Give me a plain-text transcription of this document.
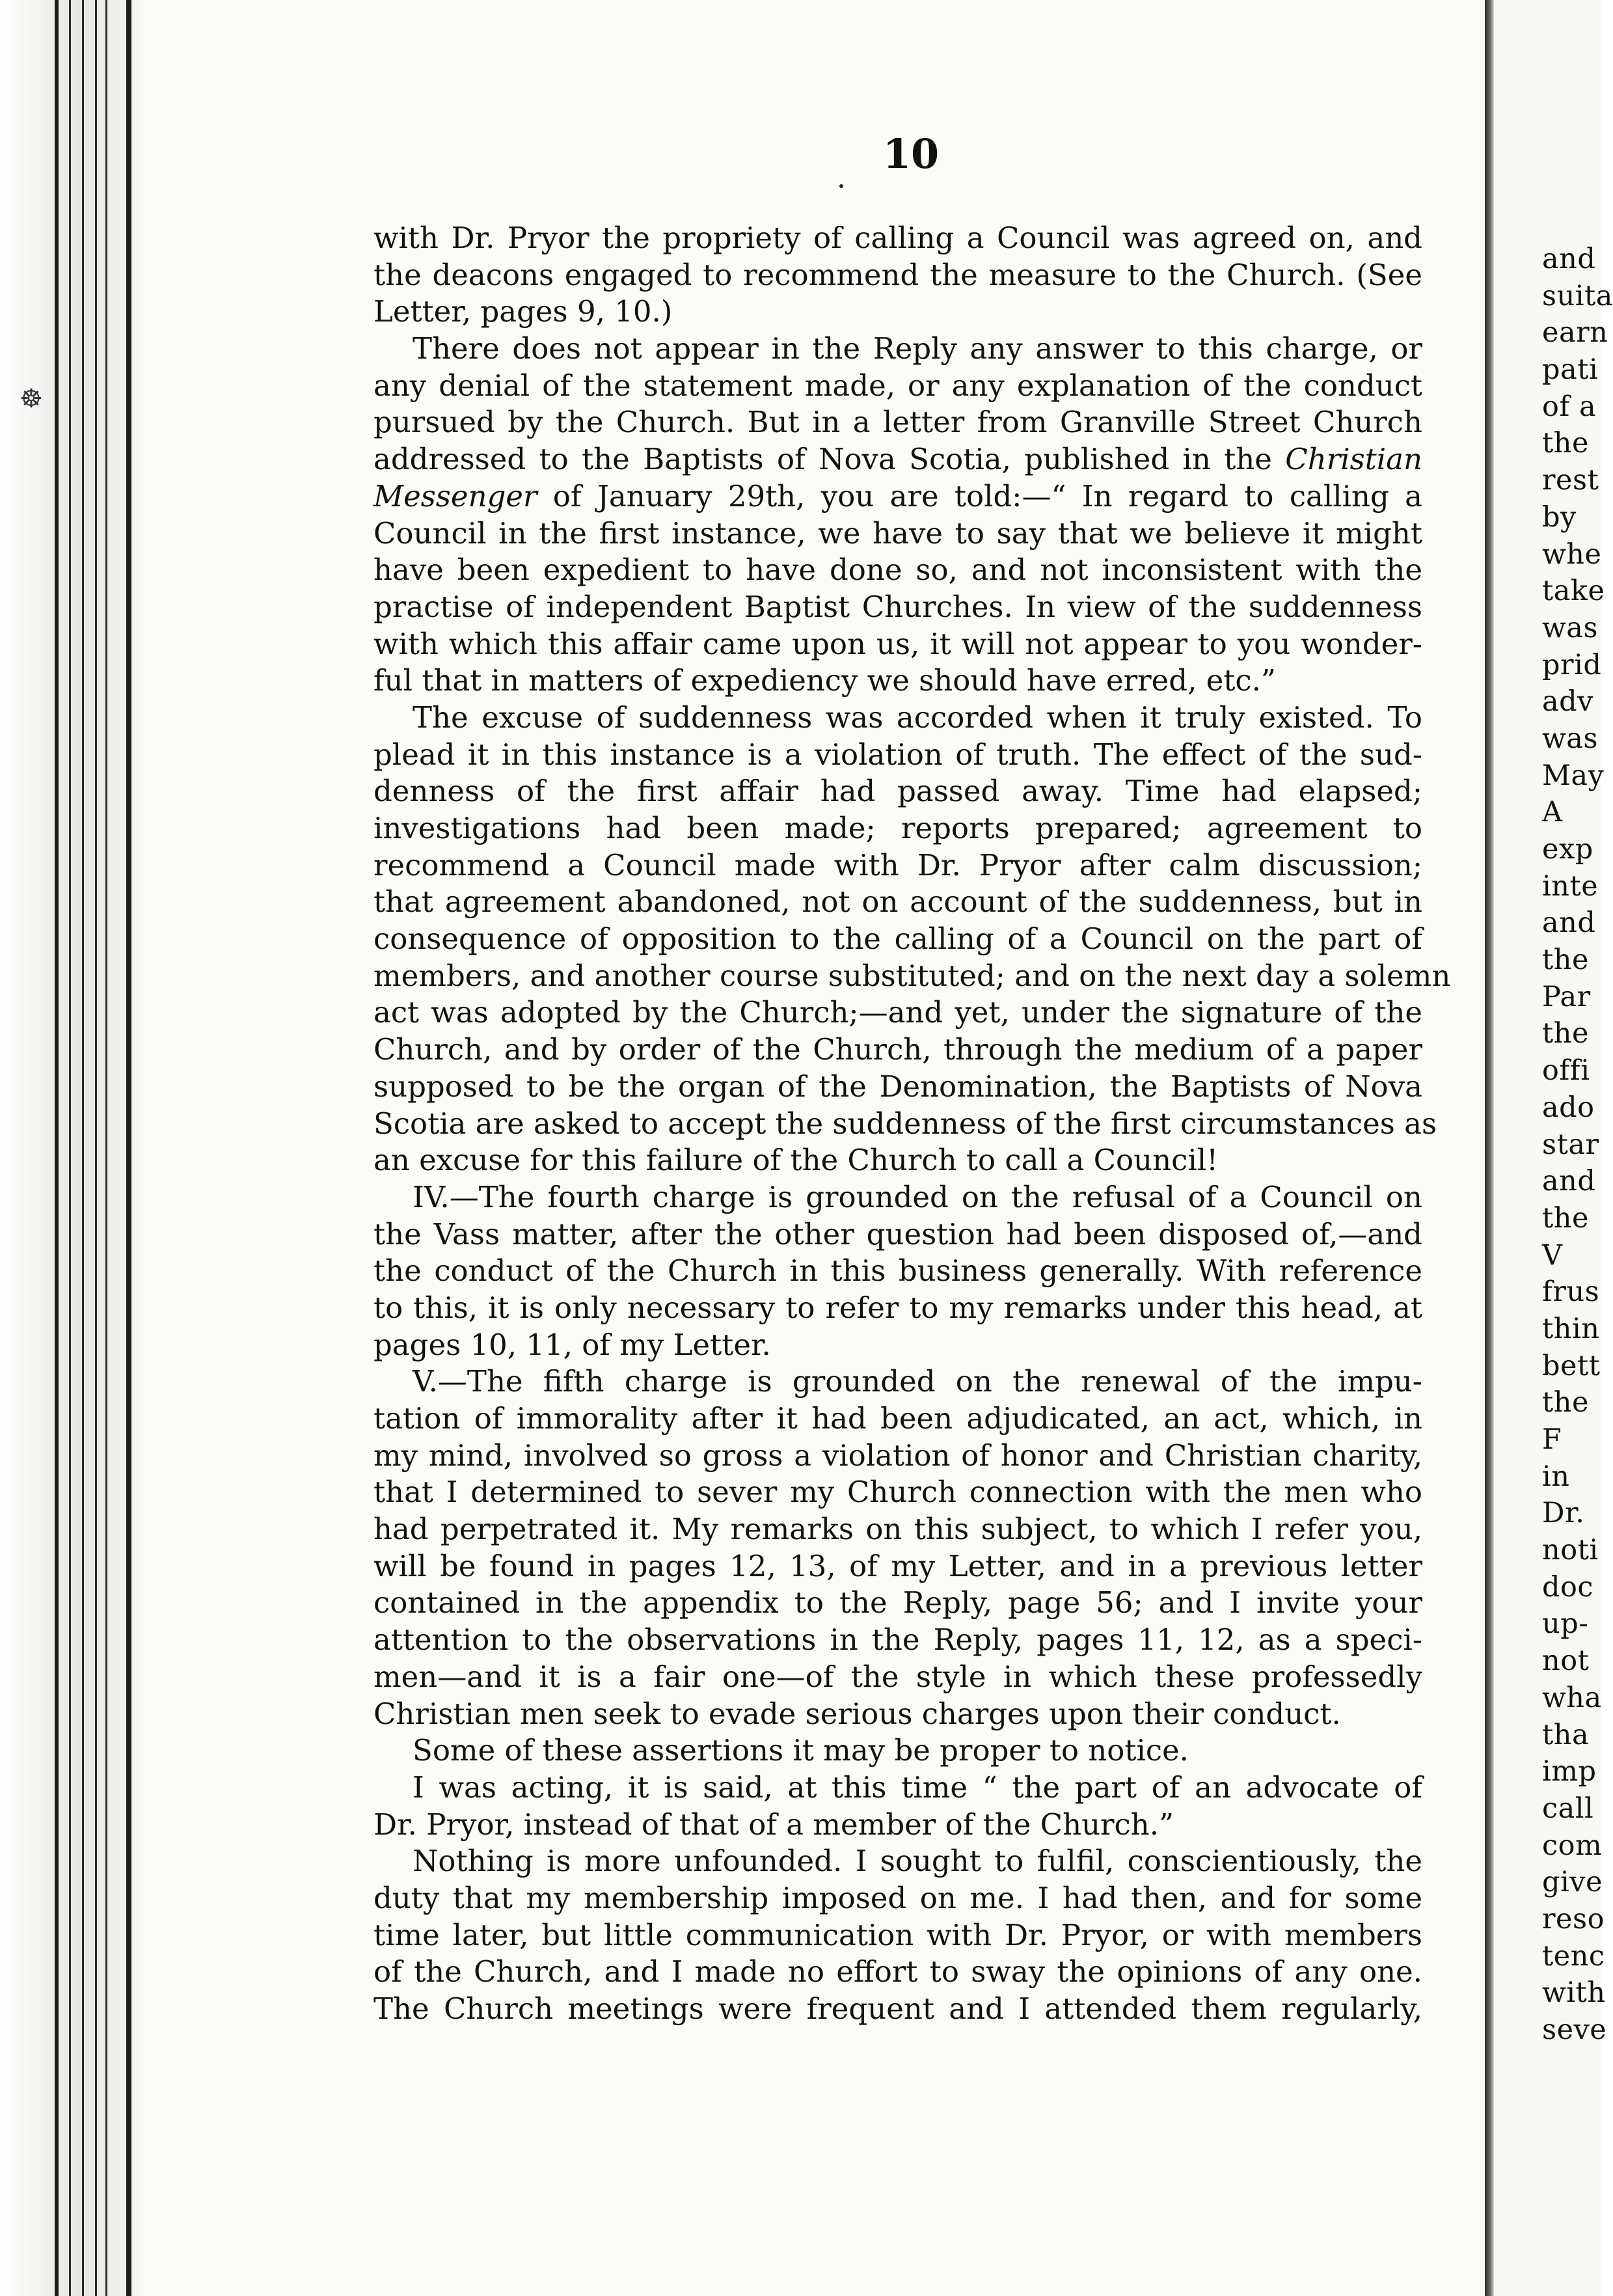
☸
10
with Dr. Pryor the propriety of calling a Council was agreed on, and
the deacons engaged to recommend the measure to the Church. (See
Letter, pages 9, 10.)
There does not appear in the Reply any answer to this charge, or
any denial of the statement made, or any explanation of the conduct
pursued by the Church. But in a letter from Granville Street Church
addressed to the Baptists of Nova Scotia, published in the Christian
Messenger of January 29th, you are told:—“ In regard to calling a
Council in the first instance, we have to say that we believe it might
have been expedient to have done so, and not inconsistent with the
practise of independent Baptist Churches. In view of the suddenness
with which this affair came upon us, it will not appear to you wonder-
ful that in matters of expediency we should have erred, etc.”
The excuse of suddenness was accorded when it truly existed. To
plead it in this instance is a violation of truth. The effect of the sud-
denness of the first affair had passed away. Time had elapsed;
investigations had been made; reports prepared; agreement to
recommend a Council made with Dr. Pryor after calm discussion;
that agreement abandoned, not on account of the suddenness, but in
consequence of opposition to the calling of a Council on the part of
members, and another course substituted; and on the next day a solemn
act was adopted by the Church;—and yet, under the signature of the
Church, and by order of the Church, through the medium of a paper
supposed to be the organ of the Denomination, the Baptists of Nova
Scotia are asked to accept the suddenness of the first circumstances as
an excuse for this failure of the Church to call a Council!
IV.—The fourth charge is grounded on the refusal of a Council on
the Vass matter, after the other question had been disposed of,—and
the conduct of the Church in this business generally. With reference
to this, it is only necessary to refer to my remarks under this head, at
pages 10, 11, of my Letter.
V.—The fifth charge is grounded on the renewal of the impu-
tation of immorality after it had been adjudicated, an act, which, in
my mind, involved so gross a violation of honor and Christian charity,
that I determined to sever my Church connection with the men who
had perpetrated it. My remarks on this subject, to which I refer you,
will be found in pages 12, 13, of my Letter, and in a previous letter
contained in the appendix to the Reply, page 56; and I invite your
attention to the observations in the Reply, pages 11, 12, as a speci-
men—and it is a fair one—of the style in which these professedly
Christian men seek to evade serious charges upon their conduct.
Some of these assertions it may be proper to notice.
I was acting, it is said, at this time “ the part of an advocate of
Dr. Pryor, instead of that of a member of the Church.”
Nothing is more unfounded. I sought to fulfil, conscientiously, the
duty that my membership imposed on me. I had then, and for some
time later, but little communication with Dr. Pryor, or with members
of the Church, and I made no effort to sway the opinions of any one.
The Church meetings were frequent and I attended them regularly,
and
suita
earn
pati
of a
the
rest
by
whe
take
was
prid
adv
was
May
A
exp
inte
and
the
Par
the
offi
ado
star
and
the
V
frus
thin
bett
the
F
in
Dr.
noti
doc
up-
not
wha
tha
imp
call
com
give
reso
tenc
with
seve
